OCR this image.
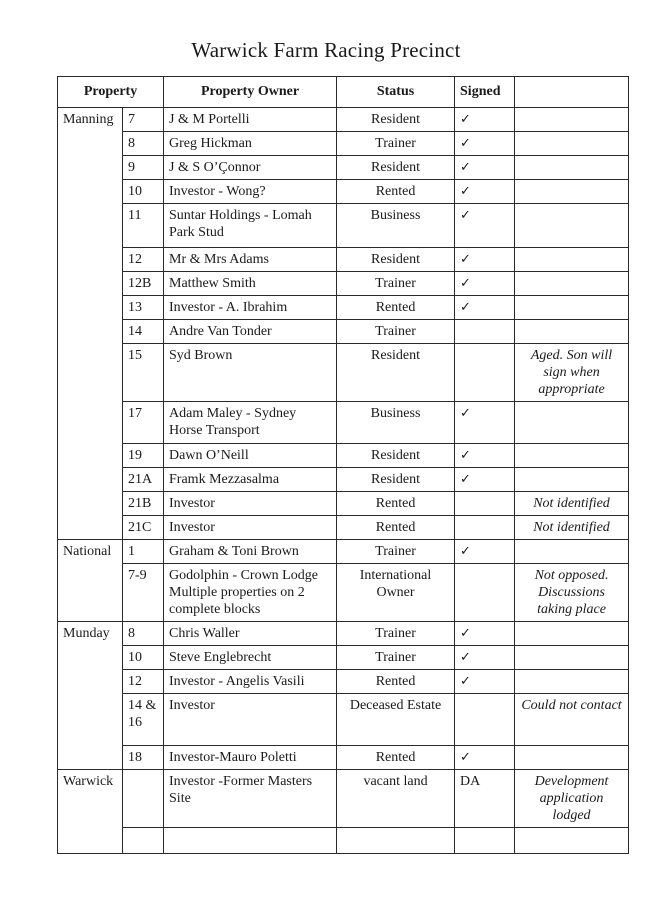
Warwick Farm Racing Precinct
Property		Property Owner	Status	Signed	
Manning	7	J & M Portelli	Resident	✓	
	8	Greg Hickman	Trainer	✓	
	9	J & S O’Çonnor	Resident	✓	
	10	Investor - Wong?	Rented	✓	
	11	Suntar Holdings - Lomah Park Stud	Business	✓	
	12	Mr & Mrs Adams	Resident	✓	
	12B	Matthew Smith	Trainer	✓	
	13	Investor - A. Ibrahim	Rented	✓	
	14	Andre Van Tonder	Trainer		
	15	Syd Brown	Resident		Aged. Son will sign when appropriate
	17	Adam Maley - Sydney Horse Transport	Business	✓	
	19	Dawn O’Neill	Resident	✓	
	21A	Framk Mezzasalma	Resident	✓	
	21B	Investor	Rented		Not identified
	21C	Investor	Rented		Not identified
National	1	Graham & Toni Brown	Trainer	✓	
	7-9	Godolphin - Crown Lodge Multiple properties on 2 complete blocks	International Owner		Not opposed. Discussions taking place
Munday	8	Chris Waller	Trainer	✓	
	10	Steve Englebrecht	Trainer	✓	
	12	Investor - Angelis Vasili	Rented	✓	
	14 & 16	Investor	Deceased Estate		Could not contact
	18	Investor-Mauro Poletti	Rented	✓	
Warwick		Investor -Former Masters Site	vacant land	DA	Development application lodged
